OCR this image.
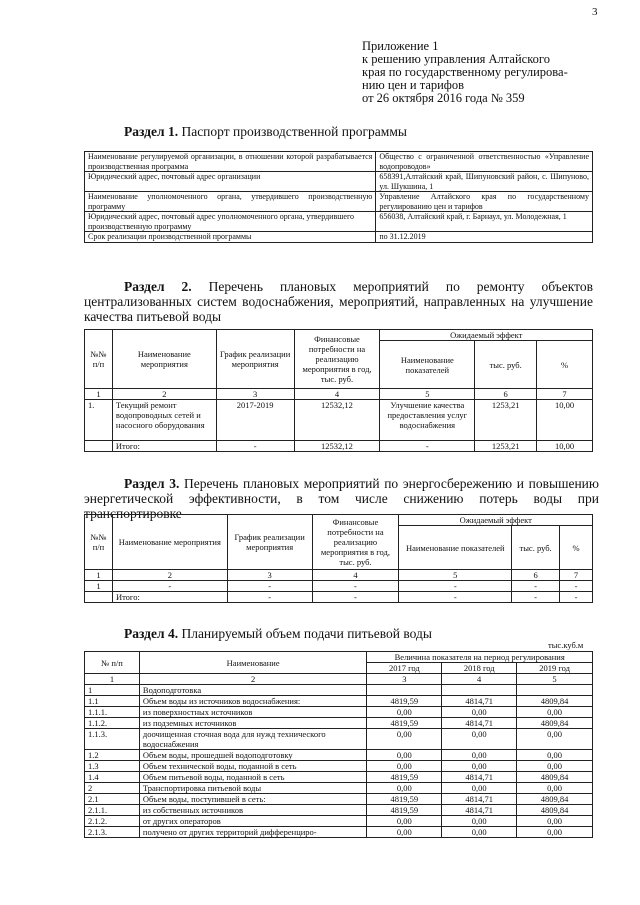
3
Приложение 1
к решению управления Алтайского
края по государственному регулирова-
нию цен и тарифов
от 26 октября 2016 года № 359
Раздел 1. Паспорт производственной программы
Наименование регулируемой организации, в отношении которой разрабатывается производственная программа	Общество с ограниченной ответственностью «Управление водопроводов»
Юридический адрес, почтовый адрес организации	658391,Алтайский край, Шипуновский район, с. Шипуново, ул. Шукшина, 1
Наименование уполномоченного органа, утвердившего производственную программу	Управление Алтайского края по государственному регулированию цен и тарифов
Юридический адрес, почтовый адрес уполномоченного органа, утвердившего производственную программу	656038, Алтайский край, г. Барнаул, ул. Молодежная, 1
Срок реализации производственной программы	по 31.12.2019
Раздел 2. Перечень плановых мероприятий по ремонту объектов централизованных систем водоснабжения, мероприятий, направленных на улучшение качества питьевой воды
№№ п/п	Наименование мероприятия	График реализации мероприятия	Финансовые потребности на реализацию мероприятия в год, тыс. руб.	Ожидаемый эффект		
				Наименование показателей	тыс. руб.	%
1	2	3	4	5	6	7
1.	Текущий ремонт водопроводных сетей и насосного оборудования	2017-2019	12532,12	Улучшение качества предоставления услуг водоснабжения	1253,21	10,00
	Итого:	-	12532,12	-	1253,21	10,00
Раздел 3. Перечень плановых мероприятий по энергосбережению и повышению энергетической эффективности, в том числе снижению потерь воды при транспортировке
№№ п/п	Наименование мероприятия	График реализации мероприятия	Финансовые потребности на реализацию мероприятия в год, тыс. руб.	Ожидаемый эффект		
				Наименование показателей	тыс. руб.	%
1	2	3	4	5	6	7
1	-	-	-	-	-	-
	Итого:	-	-	-	-	-
Раздел 4. Планируемый объем подачи питьевой воды
тыс.куб.м
№ п/п	Наименование	Величина показателя на период регулирования		
		2017 год	2018 год	2019 год
1	2	3	4	5
1	Водоподготовка			
1.1	Объем воды из источников водоснабжения:	4819,59	4814,71	4809,84
1.1.1.	из поверхностных источников	0,00	0,00	0,00
1.1.2.	из подземных источников	4819,59	4814,71	4809,84
1.1.3.	доочищенная сточная вода для нужд технического водоснабжения	0,00	0,00	0,00
1.2	Объем воды, прошедшей водоподготовку	0,00	0,00	0,00
1.3	Объем технической воды, поданной в сеть	0,00	0,00	0,00
1.4	Объем питьевой воды, поданной в сеть	4819,59	4814,71	4809,84
2	Транспортировка питьевой воды	0,00	0,00	0,00
2.1	Объем воды, поступившей в сеть:	4819,59	4814,71	4809,84
2.1.1.	из собственных источников	4819,59	4814,71	4809,84
2.1.2.	от других операторов	0,00	0,00	0,00
2.1.3.	получено от других территорий дифференциро-	0,00	0,00	0,00
